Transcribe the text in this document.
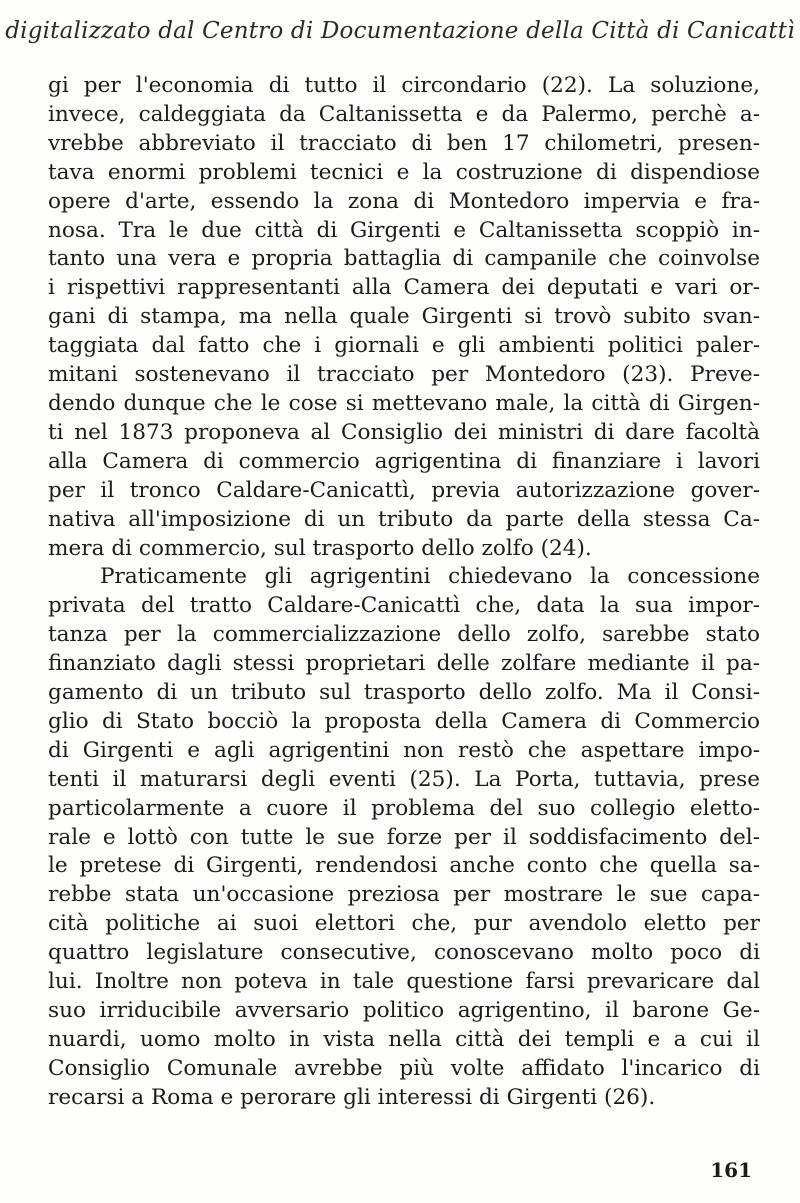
digitalizzato dal Centro di Documentazione della Città di Canicattì
gi per l'economia di tutto il circondario (22). La soluzione,
invece, caldeggiata da Caltanissetta e da Palermo, perchè a-
vrebbe abbreviato il tracciato di ben 17 chilometri, presen-
tava enormi problemi tecnici e la costruzione di dispendiose
opere d'arte, essendo la zona di Montedoro impervia e fra-
nosa. Tra le due città di Girgenti e Caltanissetta scoppiò in-
tanto una vera e propria battaglia di campanile che coinvolse
i rispettivi rappresentanti alla Camera dei deputati e vari or-
gani di stampa, ma nella quale Girgenti si trovò subito svan-
taggiata dal fatto che i giornali e gli ambienti politici paler-
mitani sostenevano il tracciato per Montedoro (23). Preve-
dendo dunque che le cose si mettevano male, la città di Girgen-
ti nel 1873 proponeva al Consiglio dei ministri di dare facoltà
alla Camera di commercio agrigentina di finanziare i lavori
per il tronco Caldare-Canicattì, previa autorizzazione gover-
nativa all'imposizione di un tributo da parte della stessa Ca-
mera di commercio, sul trasporto dello zolfo (24).
Praticamente gli agrigentini chiedevano la concessione
privata del tratto Caldare-Canicattì che, data la sua impor-
tanza per la commercializzazione dello zolfo, sarebbe stato
finanziato dagli stessi proprietari delle zolfare mediante il pa-
gamento di un tributo sul trasporto dello zolfo. Ma il Consi-
glio di Stato bocciò la proposta della Camera di Commercio
di Girgenti e agli agrigentini non restò che aspettare impo-
tenti il maturarsi degli eventi (25). La Porta, tuttavia, prese
particolarmente a cuore il problema del suo collegio eletto-
rale e lottò con tutte le sue forze per il soddisfacimento del-
le pretese di Girgenti, rendendosi anche conto che quella sa-
rebbe stata un'occasione preziosa per mostrare le sue capa-
cità politiche ai suoi elettori che, pur avendolo eletto per
quattro legislature consecutive, conoscevano molto poco di
lui. Inoltre non poteva in tale questione farsi prevaricare dal
suo irriducibile avversario politico agrigentino, il barone Ge-
nuardi, uomo molto in vista nella città dei templi e a cui il
Consiglio Comunale avrebbe più volte affidato l'incarico di
recarsi a Roma e perorare gli interessi di Girgenti (26).
161
